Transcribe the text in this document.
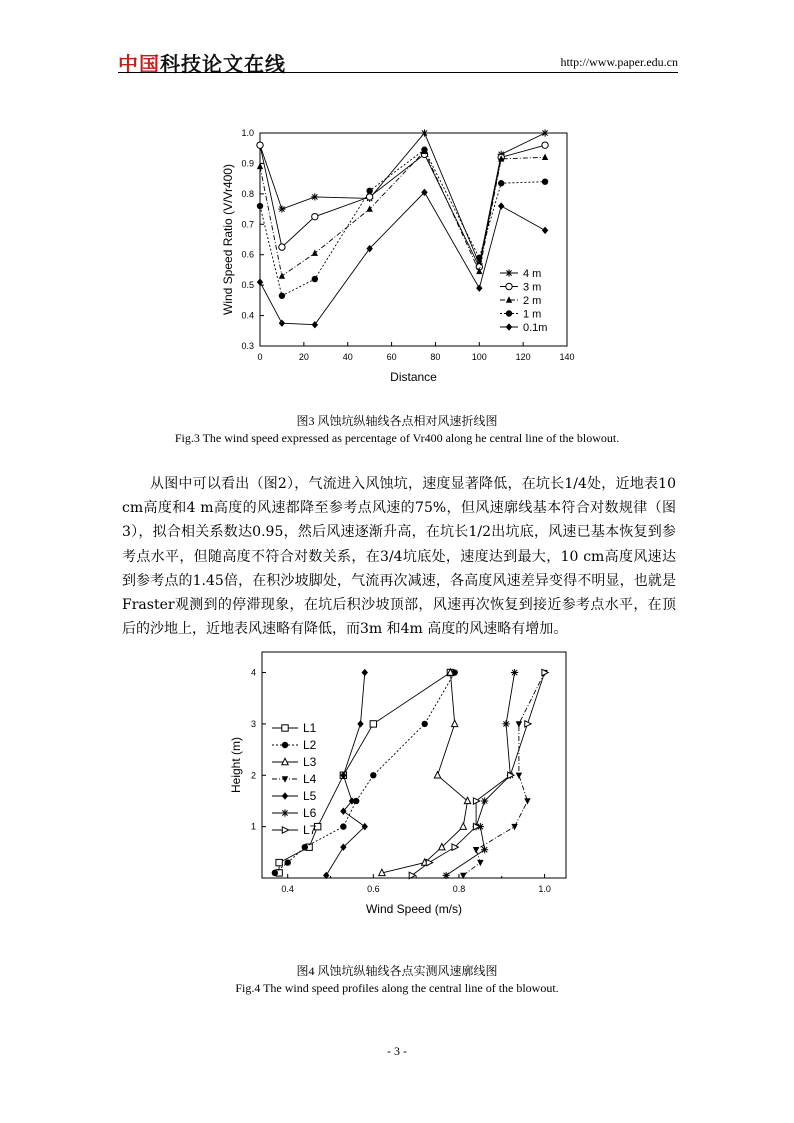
中国科技论文在线	http://www.paper.edu.cn
0	20	40	60	80	100	120	140
0.3
0.4
0.5
0.6
0.7
0.8
0.9
1.0
Distance
Wind Speed Ratio (V/Vr400)	4 m
3 m
2 m
1 m
0.1m
图3 风蚀坑纵轴线各点相对风速折线图
Fig.3 The wind speed expressed as percentage of Vr400 along he central line of the blowout.
从图中可以看出（图2），气流进入风蚀坑，速度显著降低，在坑长1/4处，近地表10 cm高度和4 m高度的风速都降至参考点风速的75%，但风速廓线基本符合对数规律（图3），拟合相关系数达0.95，然后风速逐渐升高，在坑长1/2出坑底，风速已基本恢复到参考点水平，但随高度不符合对数关系，在3/4坑底处，速度达到最大，10 cm高度风速达到参考点的1.45倍，在积沙坡脚处，气流再次减速，各高度风速差异变得不明显，也就是Fraster观测到的停滞现象，在坑后积沙坡顶部，风速再次恢复到接近参考点水平，在顶后的沙地上，近地表风速略有降低，而3m 和4m 高度的风速略有增加。
0.4	0.6	0.8	1.0
1
2
3
4
Wind Speed (m/s)
Height (m)
L1
L2
L3
L4
L5
L6
L7
图4 风蚀坑纵轴线各点实测风速廓线图
Fig.4 The wind speed profiles along the central line of the blowout.
- 3 -
